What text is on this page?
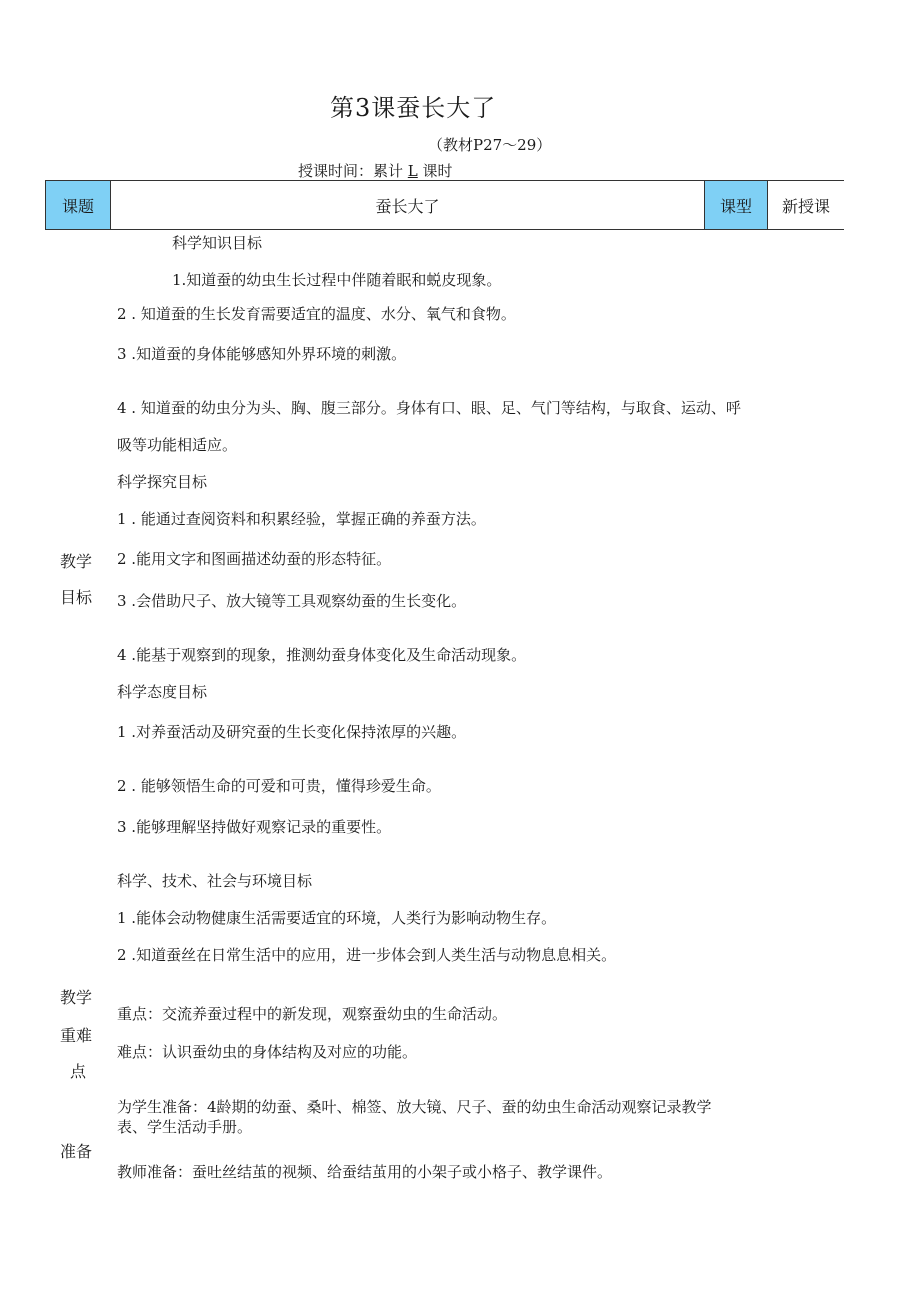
第3课蚕长大了
（教材P27～29）
授课时间：累计 L 课时
课题	蚕长大了	课型 新授课
教学
目标
科学知识目标
1.知道蚕的幼虫生长过程中伴随着眠和蜕皮现象。
2 . 知道蚕的生长发育需要适宜的温度、水分、氧气和食物。
3 .知道蚕的身体能够感知外界环境的刺激。
4 . 知道蚕的幼虫分为头、胸、腹三部分。身体有口、眼、足、气门等结构，与取食、运动、呼
吸等功能相适应。
科学探究目标
1 . 能通过查阅资料和积累经验，掌握正确的养蚕方法。
2 .能用文字和图画描述幼蚕的形态特征。
3 .会借助尺子、放大镜等工具观察幼蚕的生长变化。
4 .能基于观察到的现象，推测幼蚕身体变化及生命活动现象。
科学态度目标
1 .对养蚕活动及研究蚕的生长变化保持浓厚的兴趣。
2 . 能够领悟生命的可爱和可贵，懂得珍爱生命。
3 .能够理解坚持做好观察记录的重要性。
科学、技术、社会与环境目标
1 .能体会动物健康生活需要适宜的环境，人类行为影响动物生存。
2 .知道蚕丝在日常生活中的应用，进一步体会到人类生活与动物息息相关。
教学
重难
点
重点：交流养蚕过程中的新发现，观察蚕幼虫的生命活动。
难点：认识蚕幼虫的身体结构及对应的功能。
准备
为学生准备：4龄期的幼蚕、桑叶、棉签、放大镜、尺子、蚕的幼虫生命活动观察记录教学
表、学生活动手册。
教师准备：蚕吐丝结茧的视频、给蚕结茧用的小架子或小格子、教学课件。
